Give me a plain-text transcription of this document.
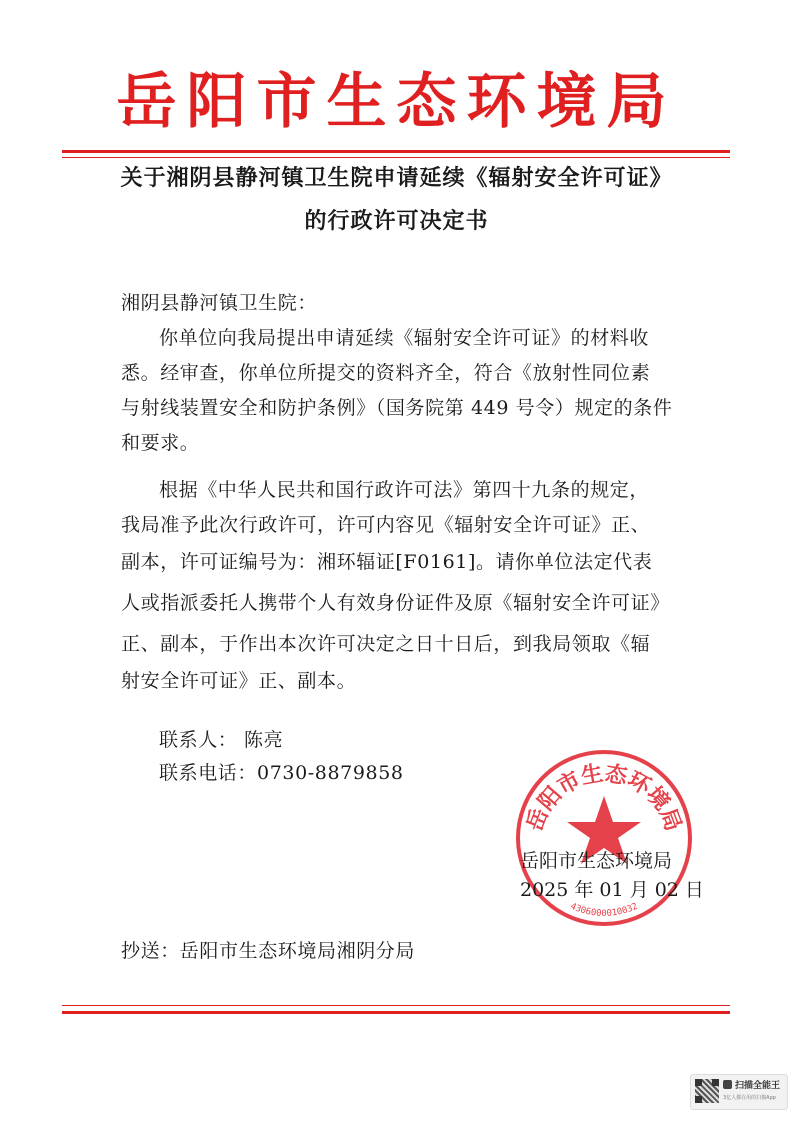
岳阳市生态环境局
关于湘阴县静河镇卫生院申请延续《辐射安全许可证》
的行政许可决定书
湘阴县静河镇卫生院：
你单位向我局提出申请延续《辐射安全许可证》的材料收
悉。经审查，你单位所提交的资料齐全，符合《放射性同位素
与射线装置安全和防护条例》（国务院第 449 号令）规定的条件
和要求。
根据《中华人民共和国行政许可法》第四十九条的规定，
我局准予此次行政许可，许可内容见《辐射安全许可证》正、
副本，许可证编号为：湘环辐证[F0161]。请你单位法定代表
人或指派委托人携带个人有效身份证件及原《辐射安全许可证》
正、副本，于作出本次许可决定之日十日后，到我局领取《辐
射安全许可证》正、副本。
联系人： 陈亮
联系电话：0730-8879858
岳阳市生态环境局
4306000010032
岳阳市生态环境局
2025 年 01 月 02 日
抄送：岳阳市生态环境局湘阴分局
扫描全能王
3亿人都在用的扫描App
